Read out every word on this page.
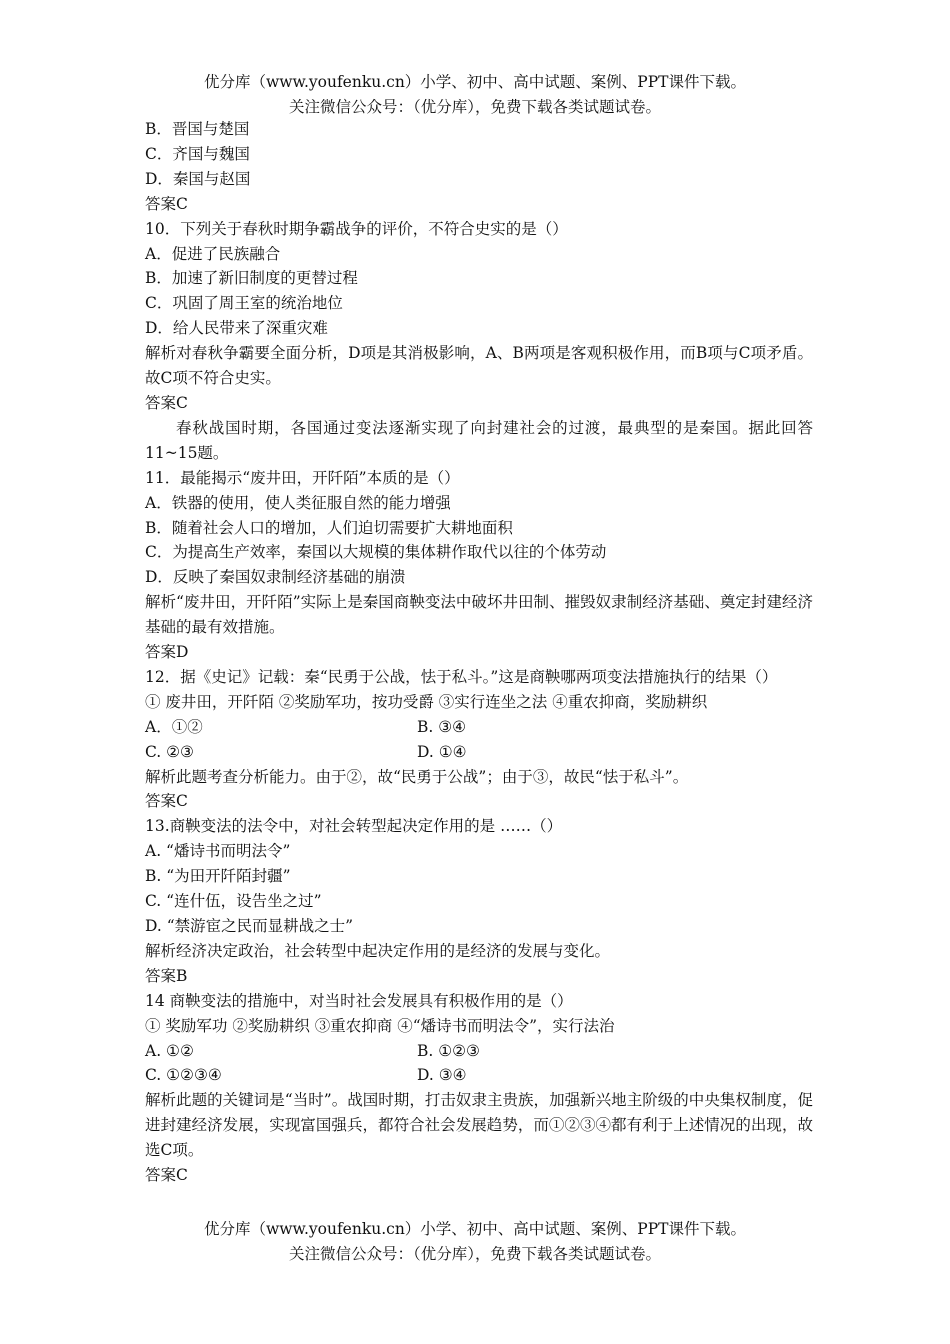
优分库（www.youfenku.cn）小学、初中、高中试题、案例、PPT课件下载。
关注微信公众号：（优分库），免费下载各类试题试卷。
B．晋国与楚国
C．齐国与魏国
D．秦国与赵国
答案C
10．下列关于春秋时期争霸战争的评价，不符合史实的是（）
A．促进了民族融合
B．加速了新旧制度的更替过程
C．巩固了周王室的统治地位
D．给人民带来了深重灾难
解析对春秋争霸要全面分析，D项是其消极影响，A、B两项是客观积极作用，而B项与C项矛盾。故C项不符合史实。
答案C
春秋战国时期，各国通过变法逐渐实现了向封建社会的过渡，最典型的是秦国。据此回答11~15题。
11．最能揭示“废井田，开阡陌”本质的是（）
A．铁器的使用，使人类征服自然的能力增强
B．随着社会人口的增加，人们迫切需要扩大耕地面积
C．为提高生产效率，秦国以大规模的集体耕作取代以往的个体劳动
D．反映了秦国奴隶制经济基础的崩溃
解析“废井田，开阡陌”实际上是秦国商鞅变法中破坏井田制、摧毁奴隶制经济基础、奠定封建经济基础的最有效措施。
答案D
12．据《史记》记载：秦“民勇于公战，怯于私斗。”这是商鞅哪两项变法措施执行的结果（）
① 废井田，开阡陌 ②奖励军功，按功受爵 ③实行连坐之法 ④重农抑商，奖励耕织
A．①②	B. ③④
C. ②③	D. ①④
解析此题考查分析能力。由于②，故“民勇于公战”；由于③，故民“怯于私斗”。
答案C
13.商鞅变法的法令中，对社会转型起决定作用的是 ……（）
A. “燔诗书而明法令”
B. “为田开阡陌封疆”
C. “连什伍，设告坐之过”
D. “禁游宦之民而显耕战之士”
解析经济决定政治，社会转型中起决定作用的是经济的发展与变化。
答案B
14 商鞅变法的措施中，对当时社会发展具有积极作用的是（）
① 奖励军功 ②奖励耕织 ③重农抑商 ④“燔诗书而明法令”，实行法治
A. ①②	B. ①②③
C. ①②③④	D. ③④
解析此题的关键词是“当时”。战国时期，打击奴隶主贵族，加强新兴地主阶级的中央集权制度，促进封建经济发展，实现富国强兵，都符合社会发展趋势，而①②③④都有利于上述情况的出现，故选C项。
答案C
优分库（www.youfenku.cn）小学、初中、高中试题、案例、PPT课件下载。
关注微信公众号：（优分库），免费下载各类试题试卷。
